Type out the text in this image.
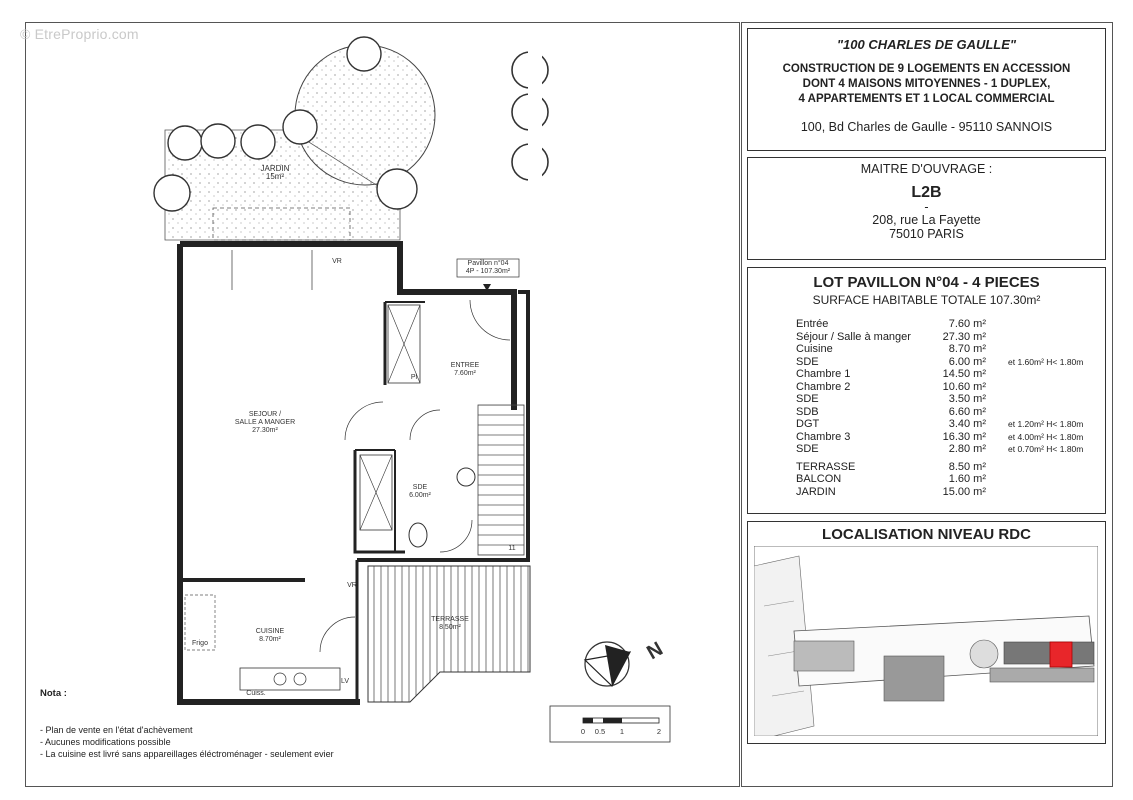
© EtreProprio.com
JARDIN
15m²
Pavillon n°04
4P - 107.30m²
ENTREE
7.60m²
SEJOUR /
SALLE A MANGER
27.30m²
SDE
6.00m²
CUISINE
8.70m²
TERRASSE
8.50m²
VR
VR
Pl
Frigo
Cuiss.
LV
11
N
0	0.5	1	2
Nota :
- Plan de vente en l'état d'achèvement
- Aucunes modifications possible
- La cuisine est livré sans appareillages éléctroménager - seulement evier
"100 CHARLES DE GAULLE"
CONSTRUCTION DE 9 LOGEMENTS EN ACCESSION
DONT 4 MAISONS MITOYENNES - 1 DUPLEX,
4 APPARTEMENTS ET 1 LOCAL COMMERCIAL
100, Bd Charles de Gaulle - 95110 SANNOIS
MAITRE D'OUVRAGE :
L2B
-
208, rue La Fayette
75010 PARIS
LOT PAVILLON N°04 - 4 PIECES
SURFACE HABITABLE TOTALE 107.30m²
Entrée	7.60 m²	
Séjour / Salle à manger	27.30 m²	
Cuisine	8.70 m²	
SDE	6.00 m²	et 1.60m² H< 1.80m
Chambre 1	14.50 m²	
Chambre 2	10.60 m²	
SDE	3.50 m²	
SDB	6.60 m²	
DGT	3.40 m²	et 1.20m² H< 1.80m
Chambre 3	16.30 m²	et 4.00m² H< 1.80m
SDE	2.80 m²	et 0.70m² H< 1.80m

TERRASSE	8.50 m²	
BALCON	1.60 m²	
JARDIN	15.00 m²	
LOCALISATION NIVEAU RDC
